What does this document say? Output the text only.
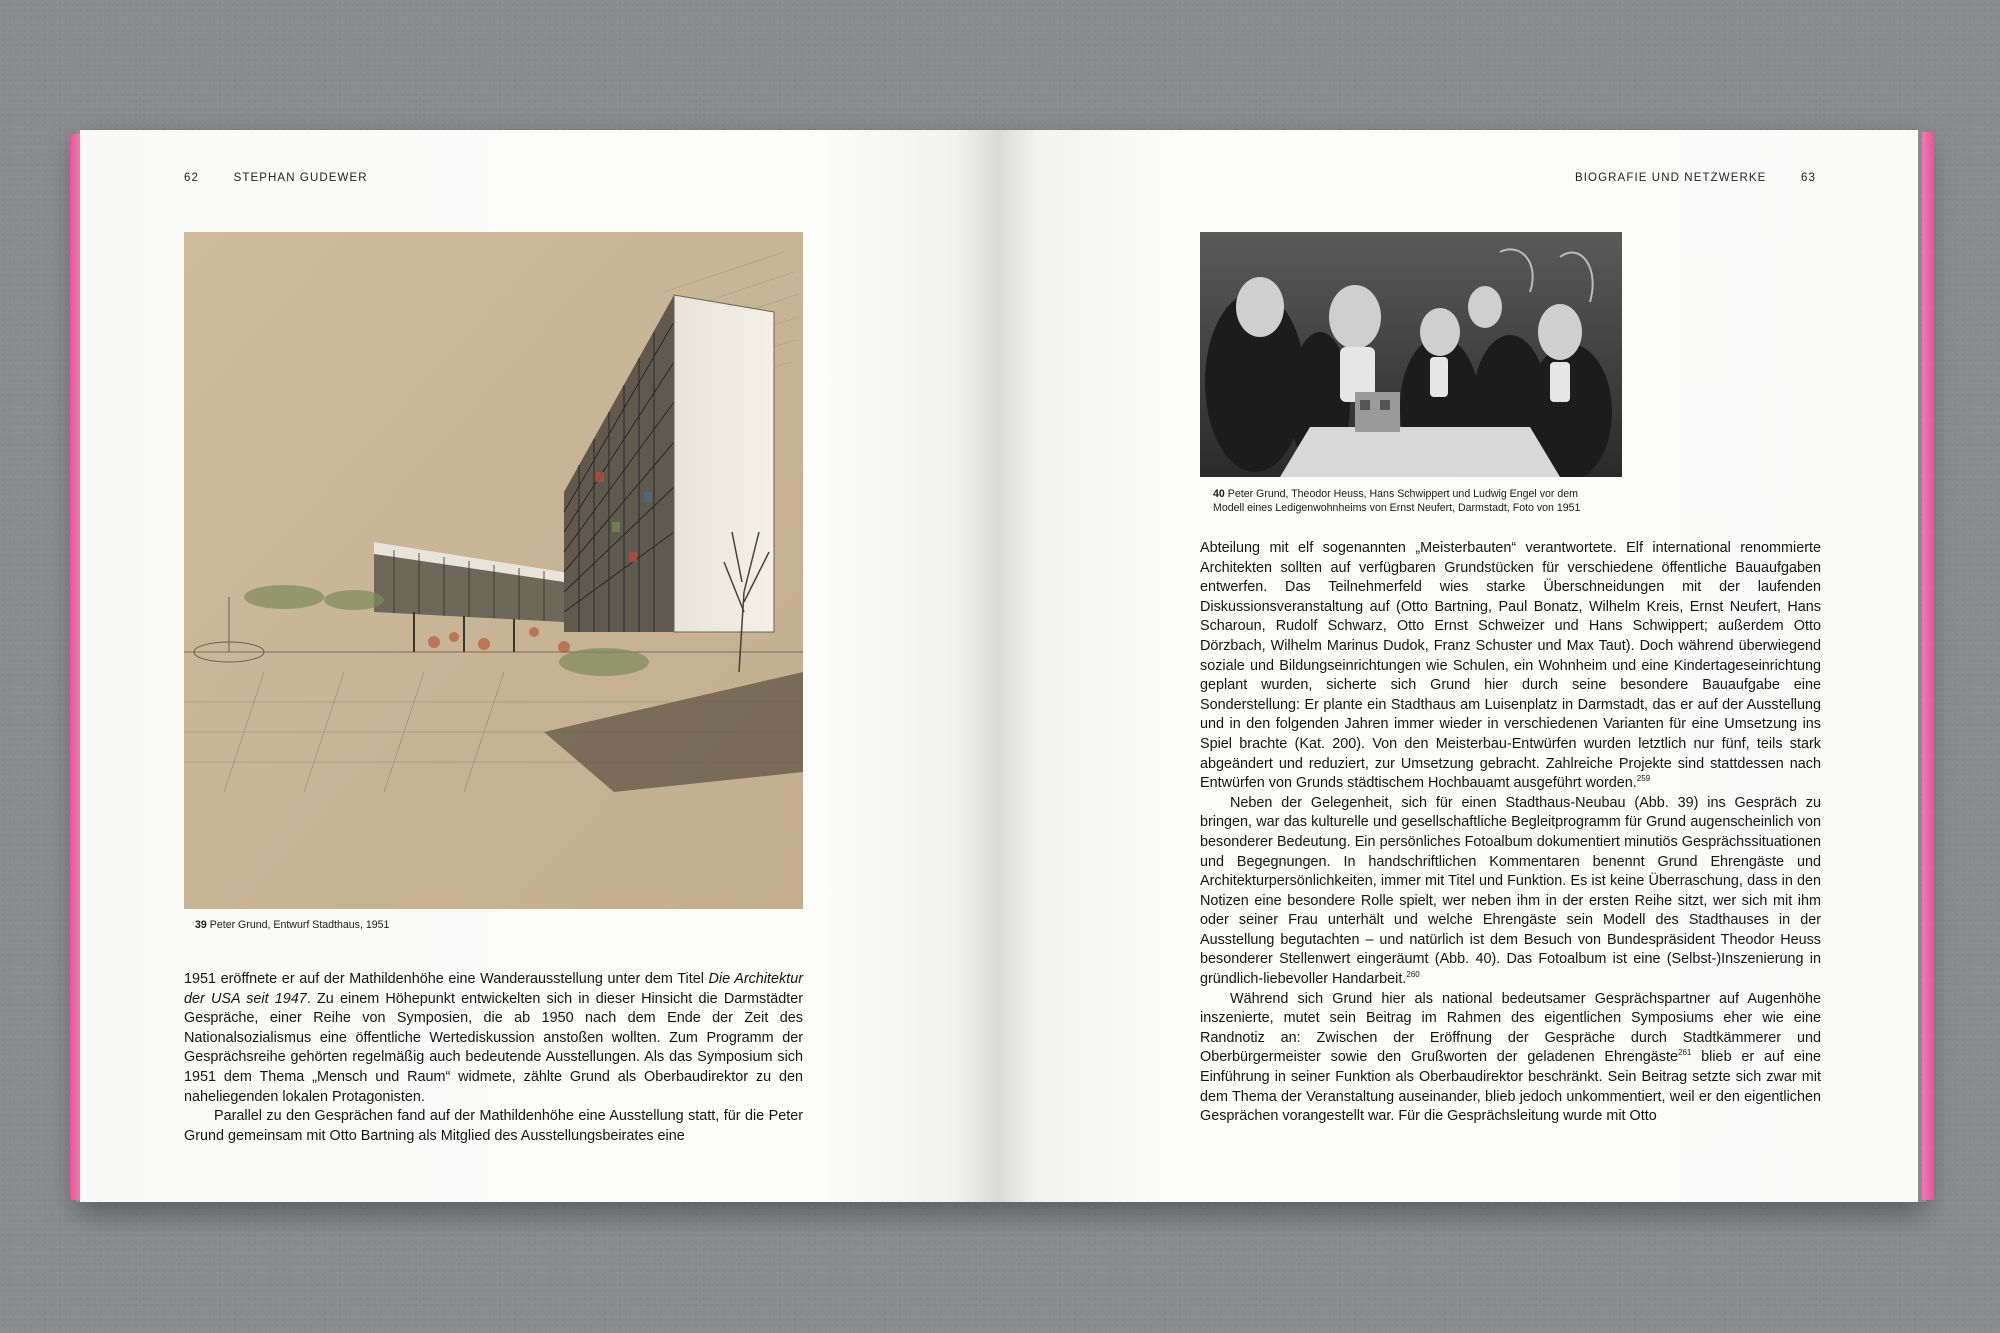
62	STEPHAN GUDEWER
39 Peter Grund, Entwurf Stadthaus, 1951

1951 eröffnete er auf der Mathildenhöhe eine Wanderausstellung unter dem Titel Die Architektur der USA seit 1947. Zu einem Höhepunkt entwickelten sich in dieser Hinsicht die Darmstädter Gespräche, einer Reihe von Symposien, die ab 1950 nach dem Ende der Zeit des Nationalsozialismus eine öffentliche Wertediskussion anstoßen wollten. Zum Programm der Gesprächsreihe gehörten regelmäßig auch bedeutende Ausstellungen. Als das Symposium sich 1951 dem Thema „Mensch und Raum“ widmete, zählte Grund als Oberbaudirektor zu den naheliegenden lokalen Protagonisten.

Parallel zu den Gesprächen fand auf der Mathildenhöhe eine Ausstellung statt, für die Peter Grund gemeinsam mit Otto Bartning als Mitglied des Ausstellungsbeirates eine

BIOGRAFIE UND NETZWERKE	63
40 Peter Grund, Theodor Heuss, Hans Schwippert und Ludwig Engel vor dem
Modell eines Ledigenwohnheims von Ernst Neufert, Darmstadt, Foto von 1951

Abteilung mit elf sogenannten „Meisterbauten“ verantwortete. Elf international renommierte Architekten sollten auf verfügbaren Grundstücken für verschiedene öffentliche Bauaufgaben entwerfen. Das Teilnehmerfeld wies starke Überschneidungen mit der laufenden Diskussionsveranstaltung auf (Otto Bartning, Paul Bonatz, Wilhelm Kreis, Ernst Neufert, Hans Scharoun, Rudolf Schwarz, Otto Ernst Schweizer und Hans Schwippert; außerdem Otto Dörzbach, Wilhelm Marinus Dudok, Franz Schuster und Max Taut). Doch während überwiegend soziale und Bildungseinrichtungen wie Schulen, ein Wohnheim und eine Kindertageseinrichtung geplant wurden, sicherte sich Grund hier durch seine besondere Bauaufgabe eine Sonderstellung: Er plante ein Stadthaus am Luisenplatz in Darmstadt, das er auf der Ausstellung und in den folgenden Jahren immer wieder in verschiedenen Varianten für eine Umsetzung ins Spiel brachte (Kat. 200). Von den Meisterbau-Entwürfen wurden letztlich nur fünf, teils stark abgeändert und reduziert, zur Umsetzung gebracht. Zahlreiche Projekte sind stattdessen nach Entwürfen von Grunds städtischem Hochbauamt ausgeführt worden.$^{259}$

Neben der Gelegenheit, sich für einen Stadthaus-Neubau (Abb. 39) ins Gespräch zu bringen, war das kulturelle und gesellschaftliche Begleitprogramm für Grund augenscheinlich von besonderer Bedeutung. Ein persönliches Fotoalbum dokumentiert minutiös Gesprächssituationen und Begegnungen. In handschriftlichen Kommentaren benennt Grund Ehrengäste und Architekturpersönlichkeiten, immer mit Titel und Funktion. Es ist keine Überraschung, dass in den Notizen eine besondere Rolle spielt, wer neben ihm in der ersten Reihe sitzt, wer sich mit ihm oder seiner Frau unterhält und welche Ehrengäste sein Modell des Stadthauses in der Ausstellung begutachten – und natürlich ist dem Besuch von Bundespräsident Theodor Heuss besonderer Stellenwert eingeräumt (Abb. 40). Das Fotoalbum ist eine (Selbst-)Inszenierung in gründlich-liebevoller Handarbeit.$^{260}$

Während sich Grund hier als national bedeutsamer Gesprächspartner auf Augenhöhe inszenierte, mutet sein Beitrag im Rahmen des eigentlichen Symposiums eher wie eine Randnotiz an: Zwischen der Eröffnung der Gespräche durch Stadtkämmerer und Oberbürgermeister sowie den Grußworten der geladenen Ehrengäste$^{261}$ blieb er auf eine Einführung in seiner Funktion als Oberbaudirektor beschränkt. Sein Beitrag setzte sich zwar mit dem Thema der Veranstaltung auseinander, blieb jedoch unkommentiert, weil er den eigentlichen Gesprächen vorangestellt war. Für die Gesprächsleitung wurde mit Otto
